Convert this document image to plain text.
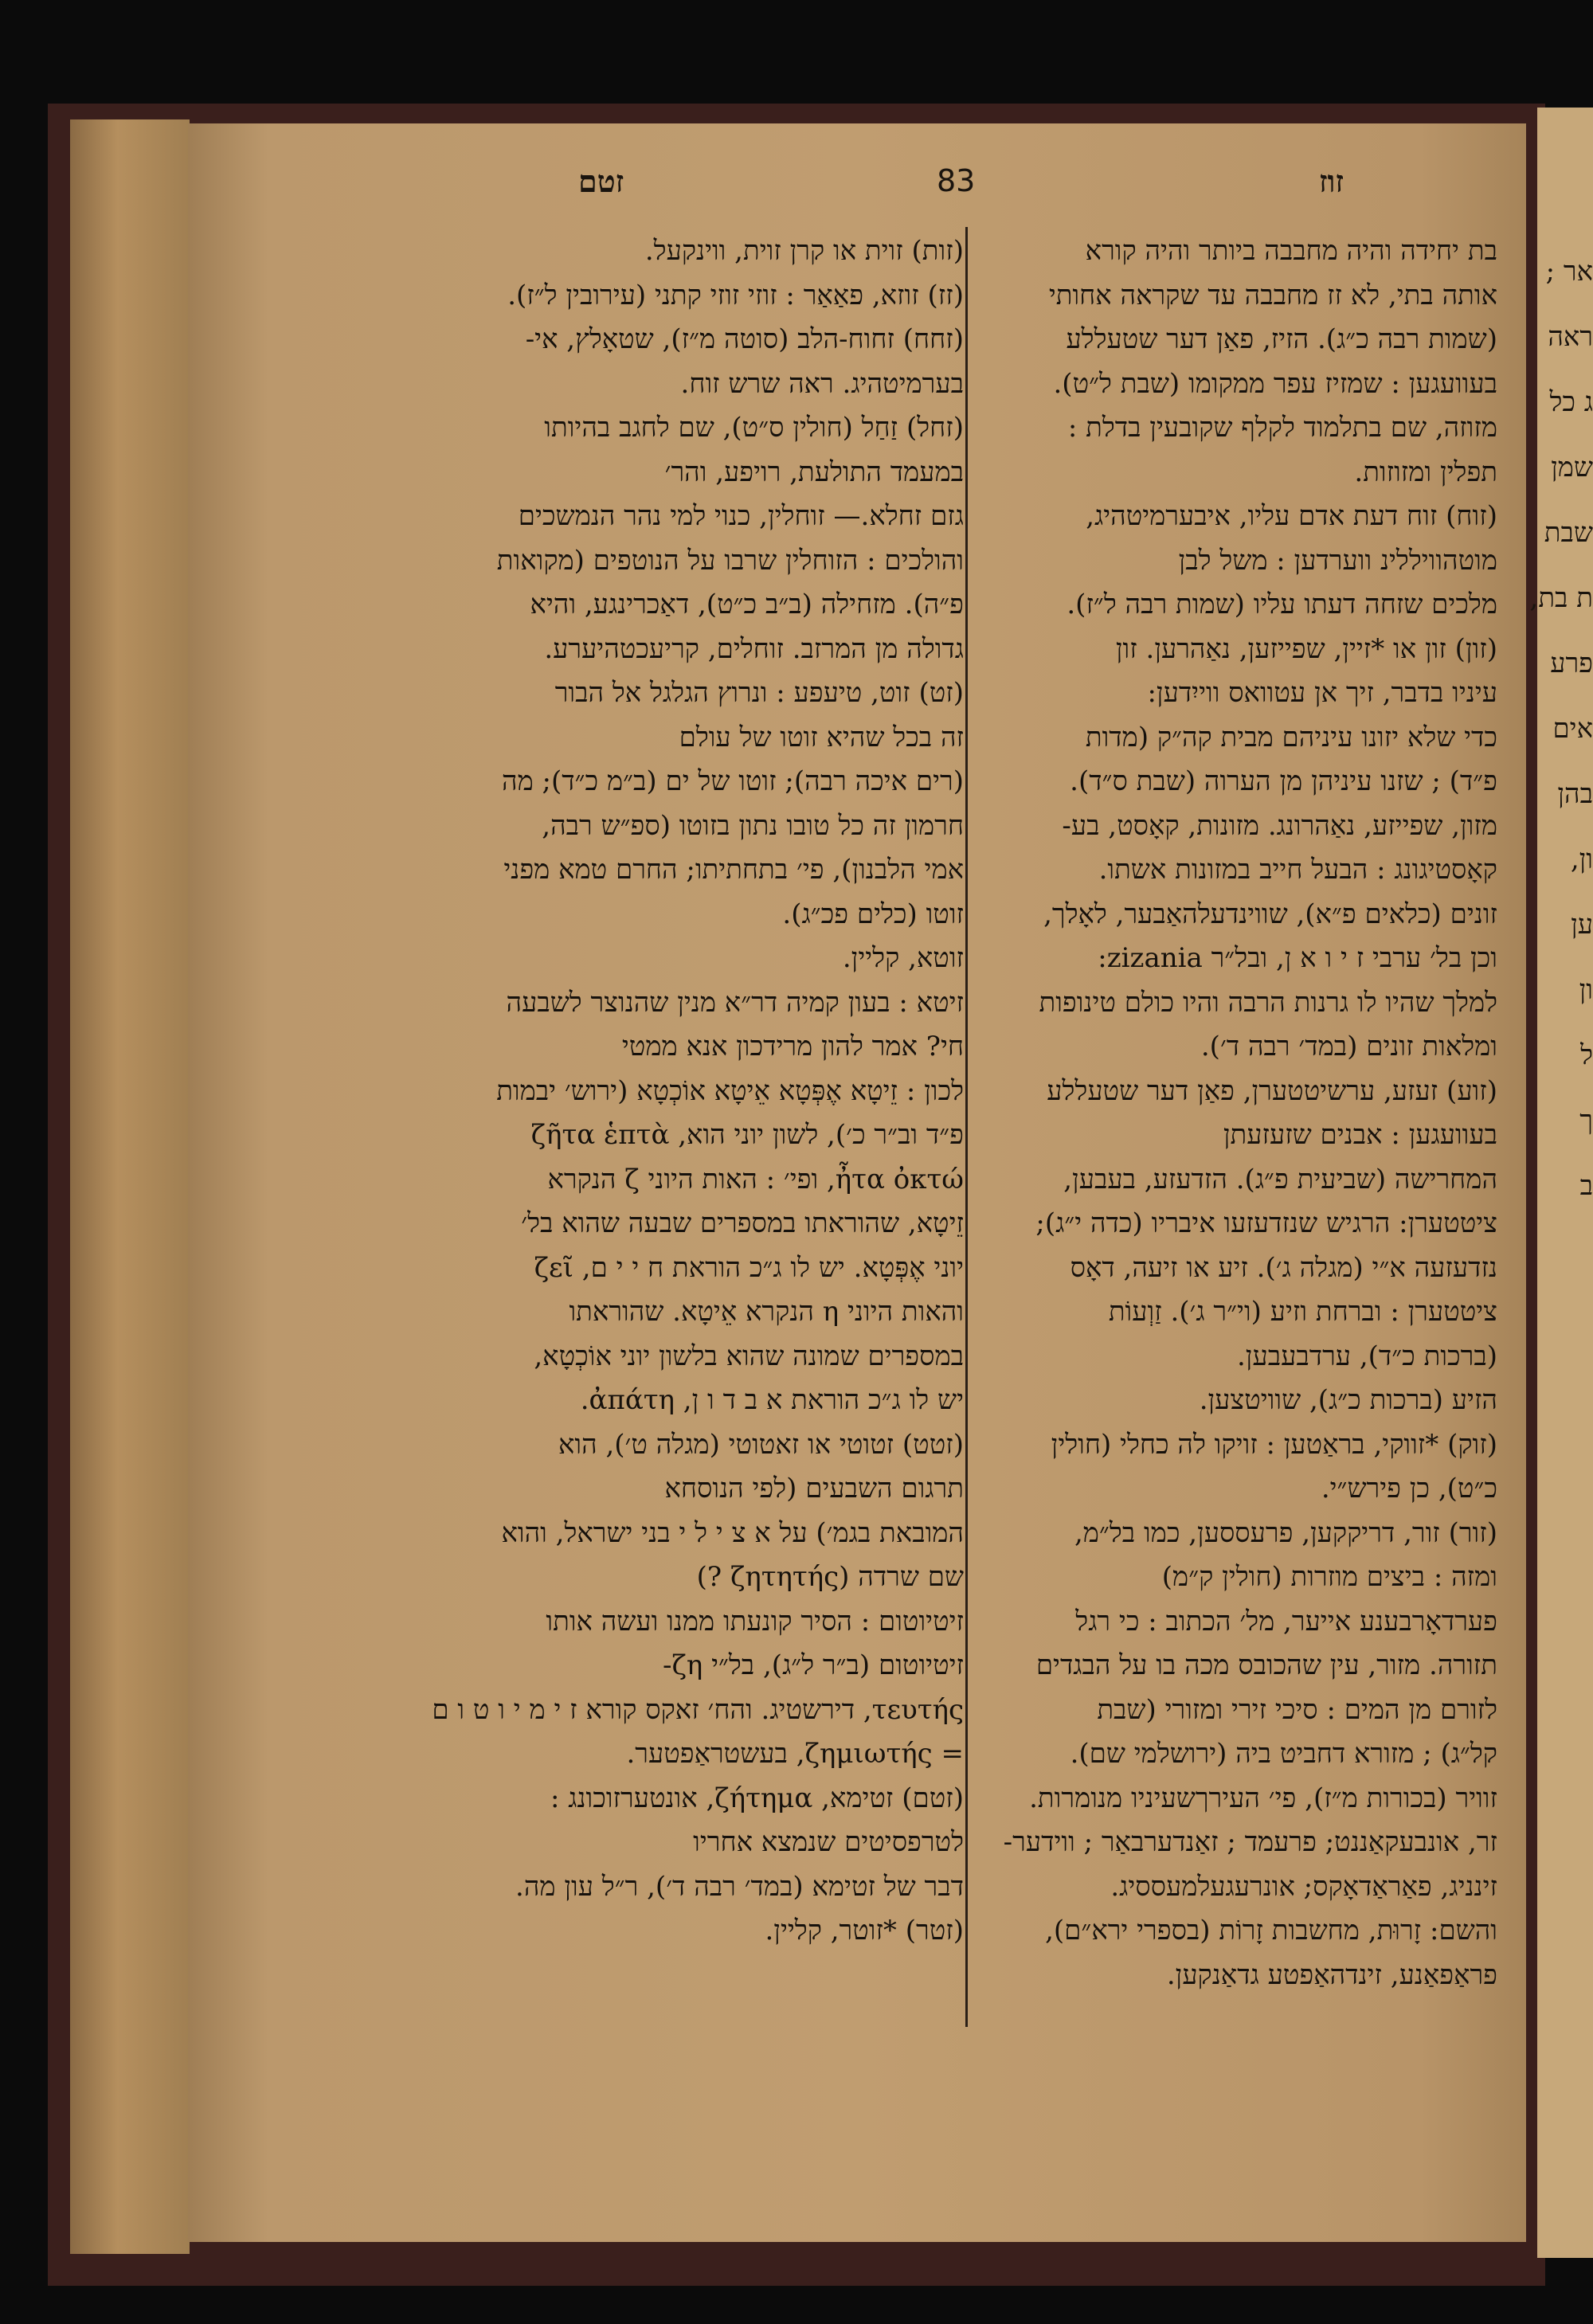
אר ;
ראה
ג כל
שמן
שבת
ת בת,
פרע
אים
בהן
ון,
ען
ון
ל
ך
ב
זטם	83	זוז

בת יחידה והיה מחבבה ביותר והיה קורא

אותה בתי, לא זז מחבבה עד שקראה אחותי

(שמות רבה כ״ג). הזיז, פאַן דער שטעללע

בעוועגען : שמזיז עפר ממקומו (שבת ל״ט).

מזוזה, שם בתלמוד לקלף שקובעין בדלת :

תפלין ומזוזות.

(זוח) זוח דעת אדם עליו, איבערמיטהיג,

מוטהוויללינ ווערדען : משל לבן

מלכים שזחה דעתו עליו (שמות רבה ל״ז).

(זון) זון או *זיין, שפייזען, נאַהרען. זון

עיניו בדבר, זיך אן עטוואס ווייִדען:

כדי שלא יזונו עיניהם מבית קה״ק (מדות

פ״ד) ; שזנו עיניהן מן הערוה (שבת ס״ד).

מזון, שפייזע, נאַהרונג. מזונות, קאָסט, בע-

קאָסטיגונג : הבעל חייב במזונות אשתו.

זונים (כלאים פ״א), שווינדעלהאַבער, לאָלך,

וכן בל׳ ערבי ז י ו א ן, ובל״ר zizania:

למלך שהיו לו גרנות הרבה והיו כולם טינופות

ומלאות זונים (במד׳ רבה ד׳).

(זוע) זעזע, ערשיטטערן, פאַן דער שטעללע

בעוועגען : אבנים שזעזעתן

המחרישה (שביעית פ״ג). הזדעזע, בעבען,

ציטטערן: הרגיש שנזדעזעו איבריו (כדה י״ג);

נזדעזעה א״י (מגלה ג׳). זיע או זיעה, דאָס

ציטטערן : וברחת וזיע (וי״ר ג׳). זַוְעוֹת

(ברכות כ״ד), ערדבעבען.

הזיע (ברכות כ״ג), שוויטצען.

(זוק) *זווקי, בראַטען : זויקו לה כחלי (חולין

כ״ט), כן פירש״י.

(זור) זור, דריקקען, פרעססען, כמו בל״מ,

ומזה : ביצים מוזרות (חולין ק״מ)

פערדאָרבענע אייער, מל׳ הכתוב : כי רגל

תזורה. מזור, עין שהכובס מכה בו על הבגדים

לזורם מן המים : סיכי זירי ומזורי (שבת

קל״ג) ; מזורא דחביט ביה (ירושלמי שם).

זוויר (בכורות מ״ז), פי׳ העירךשעיניו מנומרות.

זר, אונבעקאַננט; פרעמד ; זאַנדערבאַר ; ווידער-

זינניג, פאַראַדאָקס; אונרעגעלמעססיג.

והשם: זָרוּת, מחשבות זָרוֹת (בספרי ירא״ם),

פראַפאַנע, זינדהאַפטע גדאַנקען.

(זות) זוית או קרן זוית, ווינקעל.

(זז) זוזא, פאַאַר : זוזי זוזי קתני (עירובין ל״ז).

(זחח) זחוח-הלב (סוטה מ״ז), שטאָלץ, אי-

בערמיטהיג. ראה שרש זוח.

(זחל) זַחַל (חולין ס״ט), שם לחגב בהיותו

במעמד התולעת, רויפע, והר׳

גזם זחלא.— זוחלין, כנוי למי נהר הנמשכים

והולכים : הזוחלין שרבו על הנוטפים (מקואות

פ״ה). מזחילה (ב״ב כ״ט), דאַכרינגע, והיא

גדולה מן המרזב. זוחלים, קריעכטהיערע.

(זט) זוט, טיעפע : ונרוץ הגלגל אל הבור

זה בכל שהיא זוטו של עולם

(רים איכה רבה); זוטו של ים (ב״מ כ״ד); מה

חרמון זה כל טובו נתון בזוטו (ספ״ש רבה,

אמי הלבנון), פי׳ בתחתיתו; החרם טמא מפני

זוטו (כלים פכ״ג).

זוטא, קליין.

זיטא : בעון קמיה דר״א מנין שהנוצר לשבעה

חי? אמר להון מרידכון אנא ממטי

לכון : זֵיטָא אֶפְּטָא אֵיטָא אוֹכְטָא (ירוש׳ יבמות

פ״ד וב״ר כ׳), לשון יוני הוא, ζῆτα ἑπτὰ

ἦτα ὀκτώ, ופי׳ : האות היוני ζ הנקרא

זֵיטָא, שהוראתו במספרים שבעה שהוא בל׳

יוני אֶפְּטָא. יש לו ג״כ הוראת ח י י ם, ζεῖ

והאות היוני η הנקרא אֵיטָא. שהוראתו

במספרים שמונה שהוא בלשון יוני אוֹכְטָא,

יש לו ג״כ הוראת א ב ד ו ן, ἀπάτη.

(זטט) זטוטי או זאטוטי (מגלה ט׳), הוא

תרגום השבעים (לפי הנוסחא

המובאת בגמ׳) על א צ י ל י בני ישראל, והוא

שם שרדה (ζητητής ?)

זיטיוטום : הסיר קונעתו ממנו ועשה אותו

זיטיוטום (ב״ר ל״ג), בל״י ζη-

τευτής, דירשטיג. והח׳ זאקס קורא ז י מ י ו ט ו ם

= ζημιωτής, בעשטראַפטער.

(זטם) זטימא, ζήτημα, אונטערזוכונג :

לטרפסיטים שנמצא אחריו

דבר של זטימא (במד׳ רבה ד׳), ר״ל עון מה.

(זטר) *זוטר, קליין.
